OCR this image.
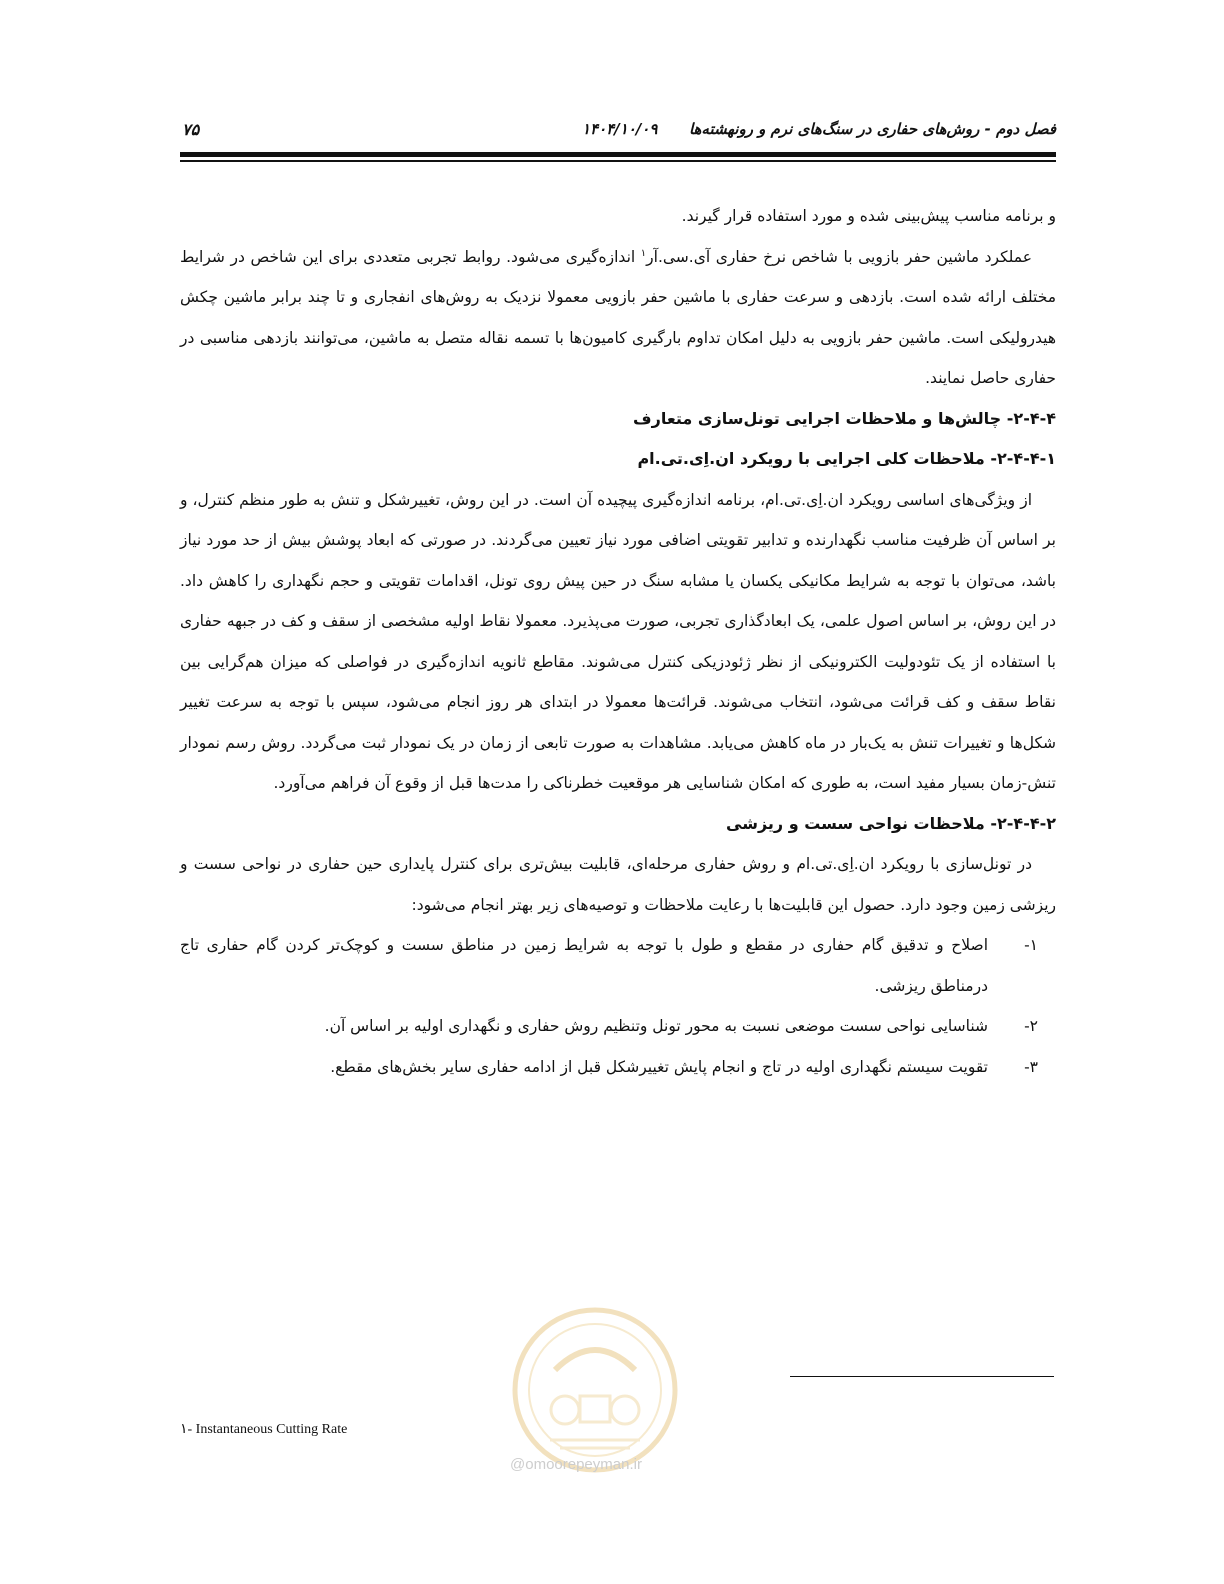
فصل دوم - روش‌های حفاری در سنگ‌های نرم و رونهشته‌ها
۱۴۰۴/۱۰/۰۹
۷۵

و برنامه مناسب پیش‌بینی شده و مورد استفاده قرار گیرند.

عملکرد ماشین حفر بازویی با شاخص نرخ حفاری آی.سی.آر$^۱$ اندازه‌گیری می‌شود. روابط تجربی متعددی برای این شاخص در شرایط مختلف ارائه شده است. بازدهی و سرعت حفاری با ماشین حفر بازویی معمولا نزدیک به روش‌های انفجاری و تا چند برابر ماشین چکش هیدرولیکی است. ماشین حفر بازویی به دلیل امکان تداوم بارگیری کامیون‌ها با تسمه نقاله متصل به ماشین، می‌توانند بازدهی مناسبی در حفاری حاصل نمایند.

۲-۴-۴- چالش‌ها و ملاحظات اجرایی تونل‌سازی متعارف

۲-۴-۴-۱- ملاحظات کلی اجرایی با رویکرد ان.اِی.تی.ام

از ویژگی‌های اساسی رویکرد ان.اِی.تی.ام، برنامه اندازه‌گیری پیچیده آن است. در این روش، تغییرشکل و تنش به طور منظم کنترل، و بر اساس آن ظرفیت مناسب نگهدارنده و تدابیر تقویتی اضافی مورد نیاز تعیین می‌گردند. در صورتی که ابعاد پوشش بیش از حد مورد نیاز باشد، می‌توان با توجه به شرایط مکانیکی یکسان یا مشابه سنگ در حین پیش روی تونل، اقدامات تقویتی و حجم نگهداری را کاهش داد. در این روش، بر اساس اصول علمی، یک ابعادگذاری تجربی، صورت می‌پذیرد. معمولا نقاط اولیه مشخصی از سقف و کف در جبهه حفاری با استفاده از یک تئودولیت الکترونیکی از نظر ژئودزیکی کنترل می‌شوند. مقاطع ثانویه اندازه‌گیری در فواصلی که میزان هم‌گرایی بین نقاط سقف و کف قرائت می‌شود، انتخاب می‌شوند. قرائت‌ها معمولا در ابتدای هر روز انجام می‌شود، سپس با توجه به سرعت تغییر شکل‌ها و تغییرات تنش به یک‌بار در ماه کاهش می‌یابد. مشاهدات به صورت تابعی از زمان در یک نمودار ثبت می‌گردد. روش رسم نمودار تنش-زمان بسیار مفید است، به طوری که امکان شناسایی هر موقعیت خطرناکی را مدت‌ها قبل از وقوع آن فراهم می‌آورد.

۲-۴-۴-۲- ملاحظات نواحی سست و ریزشی

در تونل‌سازی با رویکرد ان.اِی.تی.ام و روش حفاری مرحله‌ای، قابلیت بیش‌تری برای کنترل پایداری حین حفاری در نواحی سست و ریزشی زمین وجود دارد. حصول این قابلیت‌ها با رعایت ملاحظات و توصیه‌های زیر بهتر انجام می‌شود:

۱-
اصلاح و تدقیق گام حفاری در مقطع و طول با توجه به شرایط زمین در مناطق سست و کوچک‌تر کردن گام حفاری تاج درمناطق ریزشی.
۲-
شناسایی نواحی سست موضعی نسبت به محور تونل وتنظیم روش حفاری و نگهداری اولیه بر اساس آن.
۳-
تقویت سیستم نگهداری اولیه در تاج و انجام پایش تغییرشکل قبل از ادامه حفاری سایر بخش‌های مقطع.
@omoorepeyman.ir
۱- Instantaneous Cutting Rate
